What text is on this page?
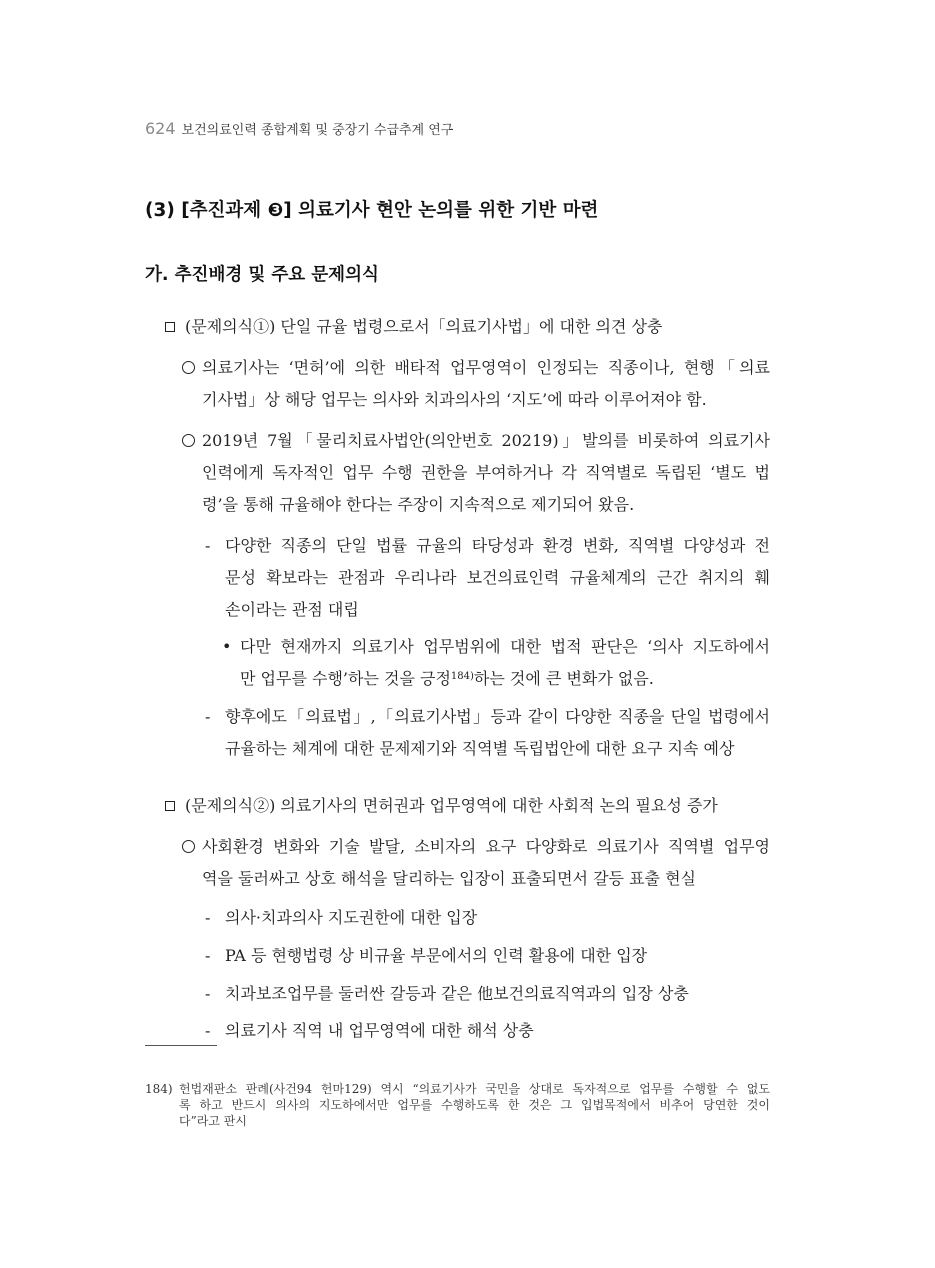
624 보건의료인력 종합계획 및 중장기 수급추계 연구
(3) [추진과제 ❸] 의료기사 현안 논의를 위한 기반 마련
가. 추진배경 및 주요 문제의식
(문제의식①) 단일 규율 법령으로서「의료기사법」에 대한 의견 상충
의료기사는 ‘면허’에 의한 배타적 업무영역이 인정되는 직종이나, 현행「의료
기사법」상 해당 업무는 의사와 치과의사의 ‘지도’에 따라 이루어져야 함.
2019년 7월「물리치료사법안(의안번호 20219)」발의를 비롯하여 의료기사
인력에게 독자적인 업무 수행 권한을 부여하거나 각 직역별로 독립된 ‘별도 법
령’을 통해 규율해야 한다는 주장이 지속적으로 제기되어 왔음.
- 다양한 직종의 단일 법률 규율의 타당성과 환경 변화, 직역별 다양성과 전
문성 확보라는 관점과 우리나라 보건의료인력 규율체계의 근간 취지의 훼
손이라는 관점 대립
• 다만 현재까지 의료기사 업무범위에 대한 법적 판단은 ‘의사 지도하에서
만 업무를 수행’하는 것을 긍정$^{184)}$하는 것에 큰 변화가 없음.
- 향후에도「의료법」,「의료기사법」등과 같이 다양한 직종을 단일 법령에서
규율하는 체계에 대한 문제제기와 직역별 독립법안에 대한 요구 지속 예상
(문제의식②) 의료기사의 면허권과 업무영역에 대한 사회적 논의 필요성 증가
사회환경 변화와 기술 발달, 소비자의 요구 다양화로 의료기사 직역별 업무영
역을 둘러싸고 상호 해석을 달리하는 입장이 표출되면서 갈등 표출 현실
- 의사·치과의사 지도권한에 대한 입장
- PA 등 현행법령 상 비규율 부문에서의 인력 활용에 대한 입장
- 치과보조업무를 둘러싼 갈등과 같은 他보건의료직역과의 입장 상충
- 의료기사 직역 내 업무영역에 대한 해석 상충
184) 헌법재판소 판례(사건94 헌마129) 역시 “의료기사가 국민을 상대로 독자적으로 업무를 수행할 수 없도
록 하고 반드시 의사의 지도하에서만 업무를 수행하도록 한 것은 그 입법목적에서 비추어 당연한 것이
다”라고 판시
